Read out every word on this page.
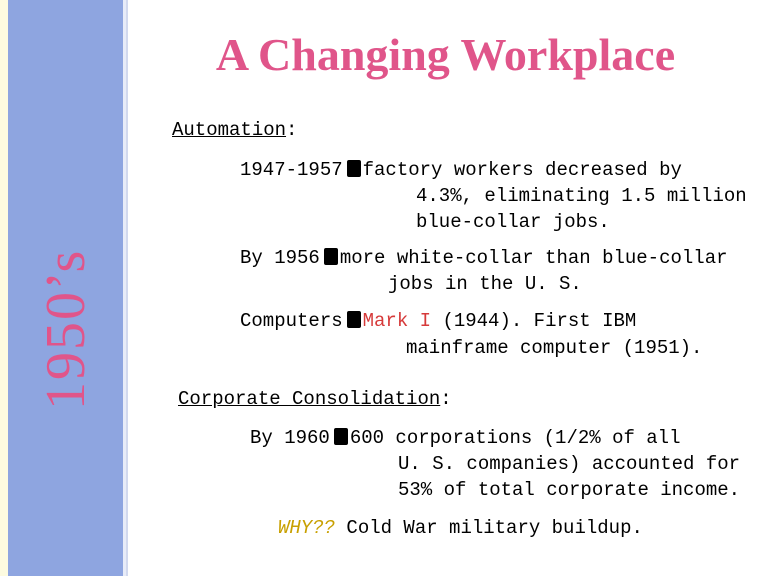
1950’s
A Changing Workplace
Automation:
1947-1957 factory workers decreased by
4.3%, eliminating 1.5 million
blue-collar jobs.
By 1956 more white-collar than blue-collar
jobs in the U. S.
Computers Mark I (1944). First IBM
mainframe computer (1951).
Corporate Consolidation:
By 1960 600 corporations (1/2% of all
U. S. companies) accounted for
53% of total corporate income.
WHY?? Cold War military buildup.
